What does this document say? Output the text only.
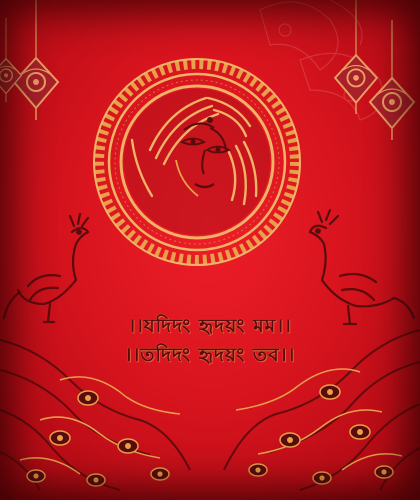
।।যদিদং হৃদয়ং মম।।
।।তদিদং হৃদয়ং তব।।
